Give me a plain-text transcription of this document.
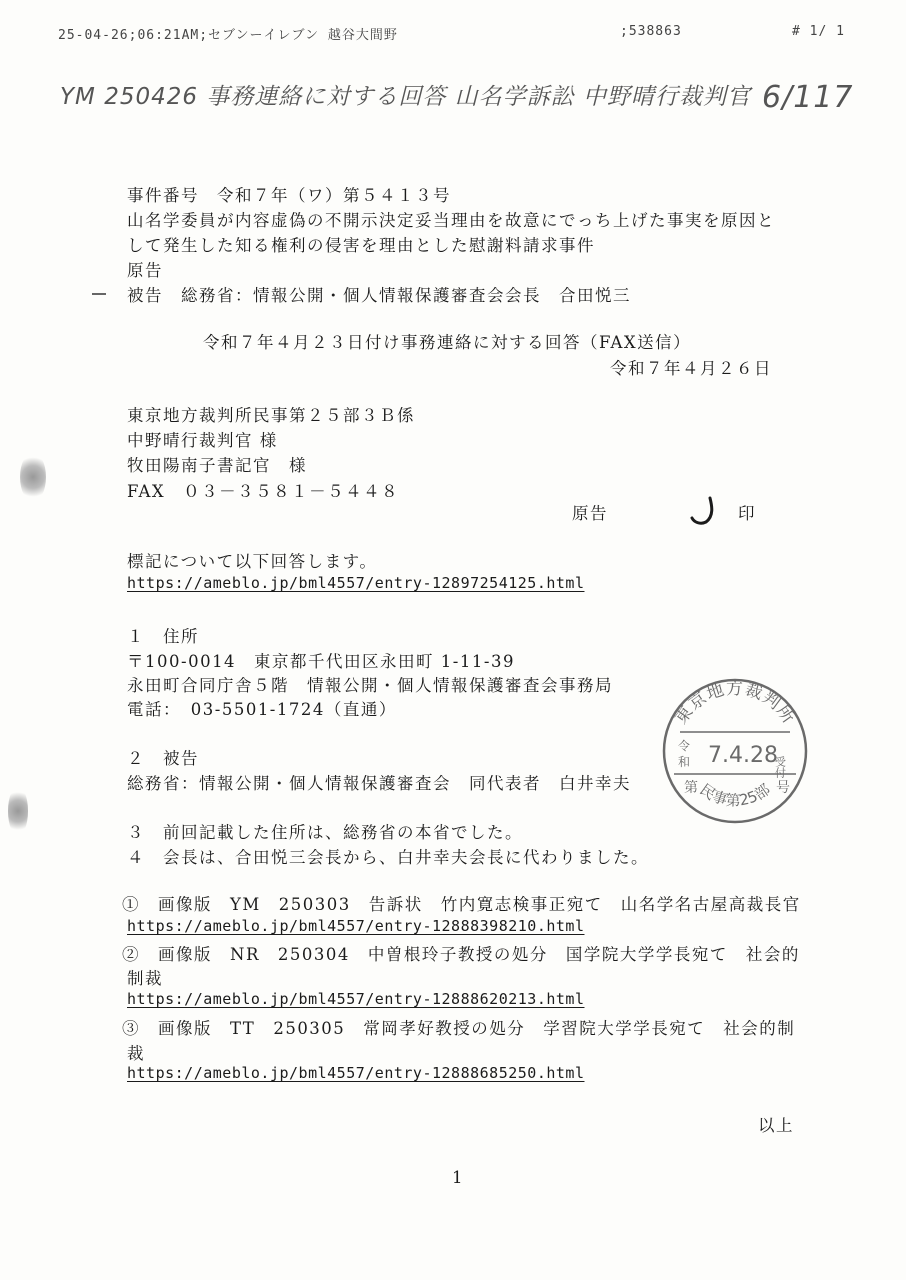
25-04-26;06:21AM;セブンーイレブン 越谷大間野	;538863	# 1/ 1
YM 250426 事務連絡に対する回答 山名学訴訟 中野晴行裁判官 6/117
事件番号　令和７年（ワ）第５４１３号
山名学委員が内容虚偽の不開示決定妥当理由を故意にでっち上げた事実を原因と
して発生した知る権利の侵害を理由とした慰謝料請求事件
原告
被告　総務省：情報公開・個人情報保護審査会会長　合田悦三
令和７年４月２３日付け事務連絡に対する回答（FAX送信）
令和７年４月２６日
東京地方裁判所民事第２５部３Ｂ係
中野晴行裁判官 様
牧田陽南子書記官　様
FAX　０３－３５８１－５４４８
原告	印
標記について以下回答します。
https://ameblo.jp/bml4557/entry-12897254125.html
１　住所
〒100-0014　東京都千代田区永田町 1-11-39
永田町合同庁舎５階　情報公開・個人情報保護審査会事務局
電話：　03-5501-1724（直通）
２　被告
総務省：情報公開・個人情報保護審査会　同代表者　白井幸夫
３　前回記載した住所は、総務省の本省でした。
４　会長は、合田悦三会長から、白井幸夫会長に代わりました。
①　画像版　YM　250303　告訴状　竹内寛志検事正宛て　山名学名古屋高裁長官
https://ameblo.jp/bml4557/entry-12888398210.html
②　画像版　NR　250304　中曽根玲子教授の処分　国学院大学学長宛て　社会的
制裁
https://ameblo.jp/bml4557/entry-12888620213.html
③　画像版　TT　250305　常岡孝好教授の処分　学習院大学学長宛て　社会的制
裁
https://ameblo.jp/bml4557/entry-12888685250.html
以上
1
東京地方裁判所
令
和 7.4.28
受付
第	号
民事第25部
